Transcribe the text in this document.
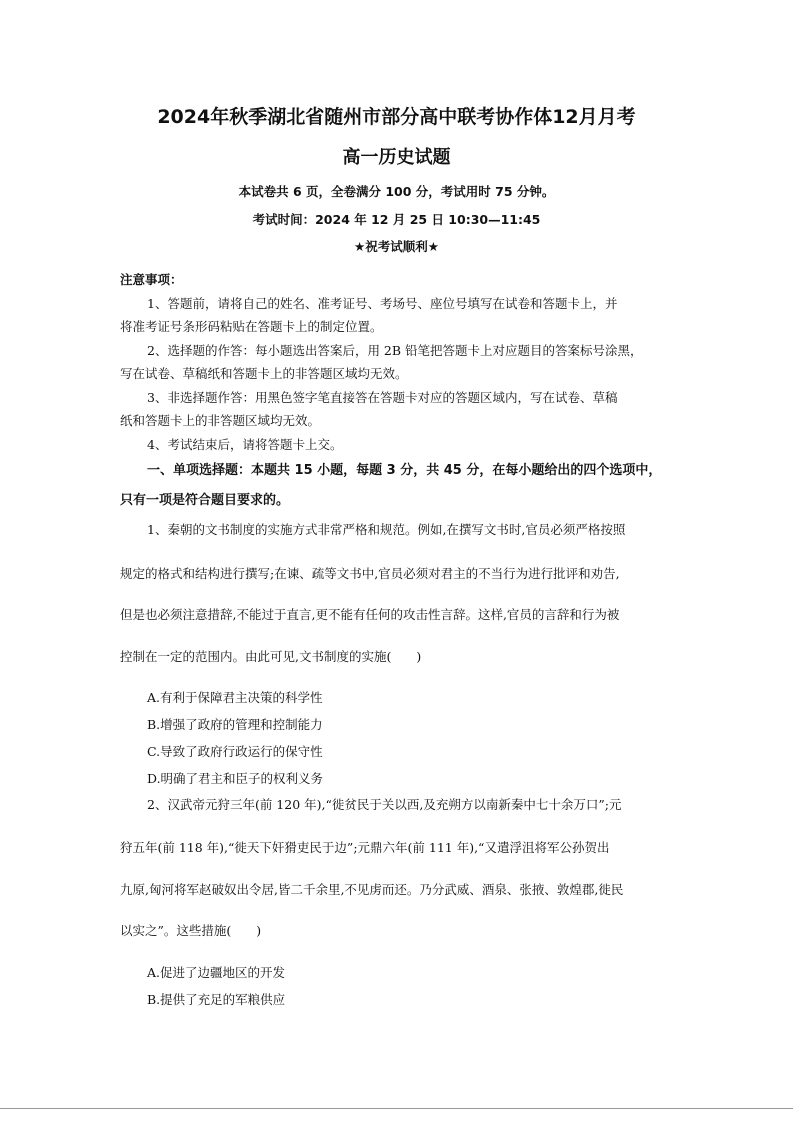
2024年秋季湖北省随州市部分高中联考协作体12月月考
高一历史试题
本试卷共 6 页，全卷满分 100 分，考试用时 75 分钟。
考试时间：2024 年 12 月 25 日 10:30—11:45
★祝考试顺利★
注意事项：
1、答题前，请将自己的姓名、准考证号、考场号、座位号填写在试卷和答题卡上，并
将准考证号条形码粘贴在答题卡上的制定位置。
2、选择题的作答：每小题选出答案后，用 2B 铅笔把答题卡上对应题目的答案标号涂黑，
写在试卷、草稿纸和答题卡上的非答题区域均无效。
3、非选择题作答：用黑色签字笔直接答在答题卡对应的答题区域内，写在试卷、草稿
纸和答题卡上的非答题区域均无效。
4、考试结束后，请将答题卡上交。
一、单项选择题：本题共 15 小题，每题 3 分，共 45 分，在每小题给出的四个选项中，
只有一项是符合题目要求的。
1、秦朝的文书制度的实施方式非常严格和规范。例如,在撰写文书时,官员必须严格按照
规定的格式和结构进行撰写;在谏、疏等文书中,官员必须对君主的不当行为进行批评和劝告,
但是也必须注意措辞,不能过于直言,更不能有任何的攻击性言辞。这样,官员的言辞和行为被
控制在一定的范围内。由此可见,文书制度的实施(　　)
A.有利于保障君主决策的科学性
B.增强了政府的管理和控制能力
C.导致了政府行政运行的保守性
D.明确了君主和臣子的权利义务
2、汉武帝元狩三年(前 120 年),“徙贫民于关以西,及充朔方以南新秦中七十余万口”;元
狩五年(前 118 年),“徙天下奸猾吏民于边”;元鼎六年(前 111 年),“又遣浮沮将军公孙贺出
九原,匈河将军赵破奴出令居,皆二千余里,不见虏而还。乃分武威、酒泉、张掖、敦煌郡,徙民
以实之”。这些措施(　　)
A.促进了边疆地区的开发
B.提供了充足的军粮供应
